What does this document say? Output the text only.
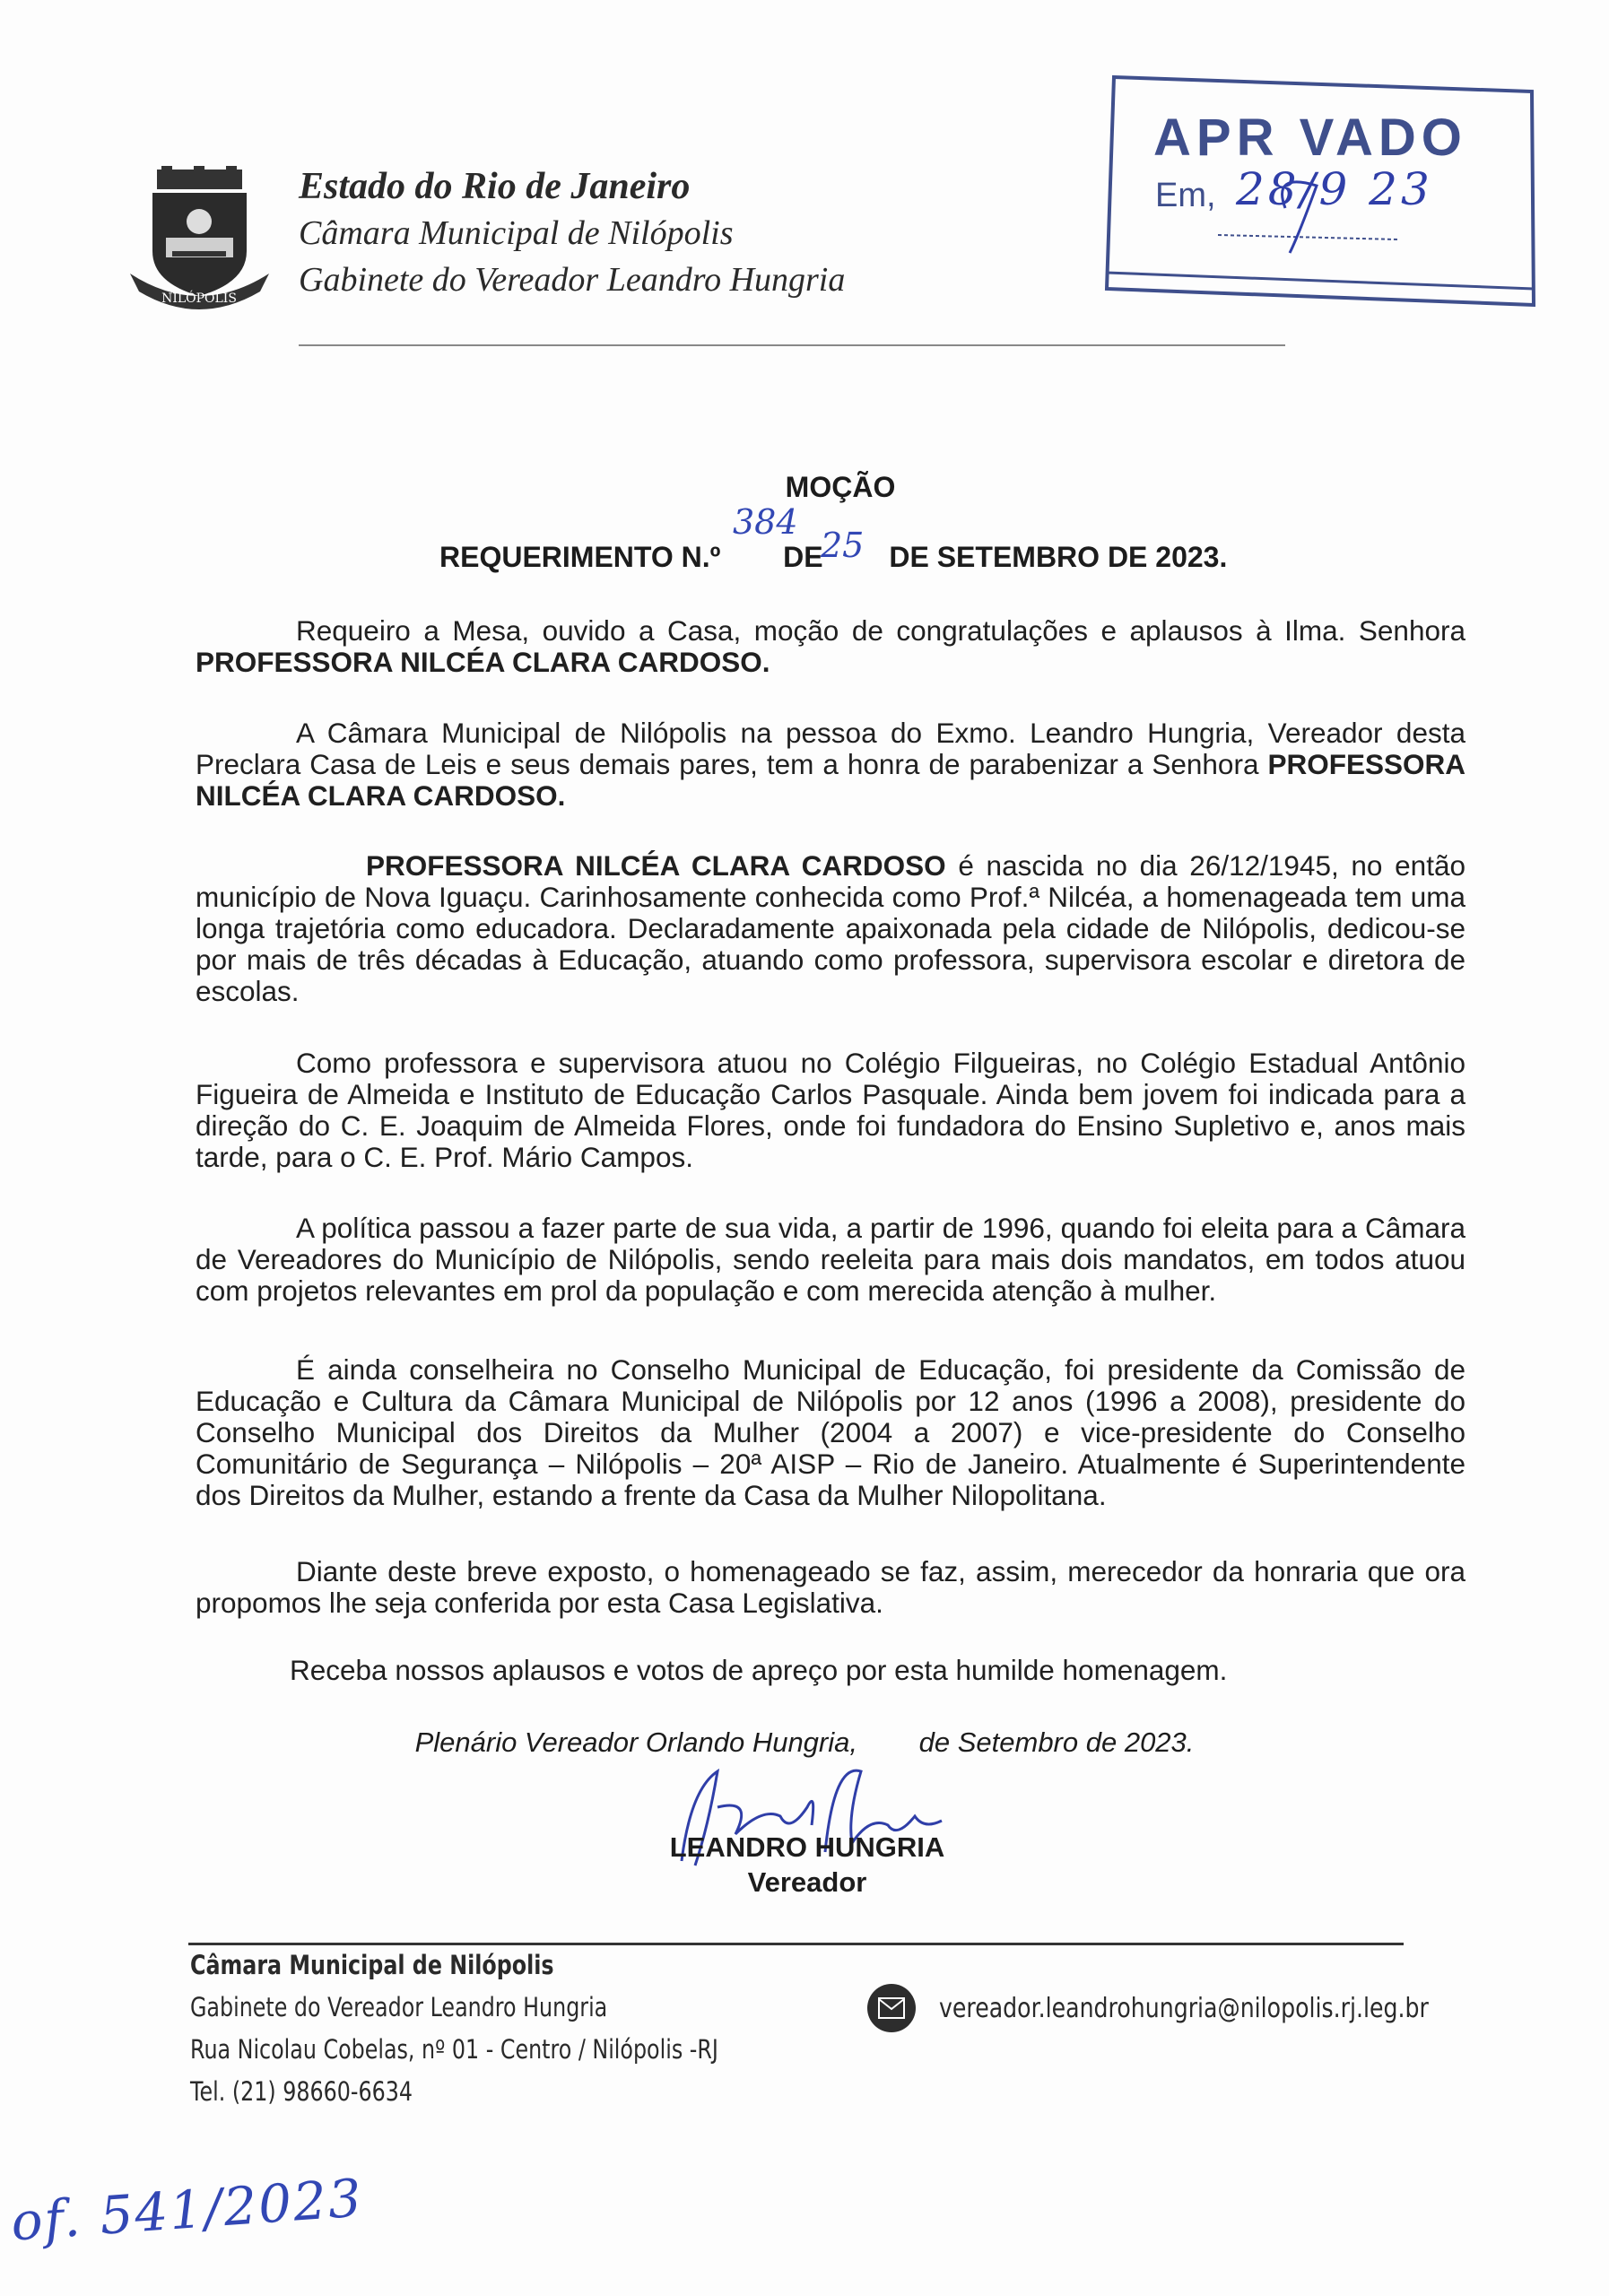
NILÓPOLIS
Estado do Rio de Janeiro
Câmara Municipal de Nilópolis
Gabinete do Vereador Leandro Hungria
APR VADO
Em, 28/9 23
MOÇÃO
REQUERIMENTO N.º DE DE SETEMBRO DE 2023.
384
25
Requeiro a Mesa, ouvido a Casa, moção de congratulações e aplausos à Ilma. Senhora PROFESSORA NILCÉA CLARA CARDOSO.
A Câmara Municipal de Nilópolis na pessoa do Exmo. Leandro Hungria, Vereador desta Preclara Casa de Leis e seus demais pares, tem a honra de parabenizar a Senhora PROFESSORA NILCÉA CLARA CARDOSO.
PROFESSORA NILCÉA CLARA CARDOSO é nascida no dia 26/12/1945, no então município de Nova Iguaçu. Carinhosamente conhecida como Prof.ª Nilcéa, a homenageada tem uma longa trajetória como educadora. Declaradamente apaixonada pela cidade de Nilópolis, dedicou-se por mais de três décadas à Educação, atuando como professora, supervisora escolar e diretora de escolas.
Como professora e supervisora atuou no Colégio Filgueiras, no Colégio Estadual Antônio Figueira de Almeida e Instituto de Educação Carlos Pasquale. Ainda bem jovem foi indicada para a direção do C. E. Joaquim de Almeida Flores, onde foi fundadora do Ensino Supletivo e, anos mais tarde, para o C. E. Prof. Mário Campos.
A política passou a fazer parte de sua vida, a partir de 1996, quando foi eleita para a Câmara de Vereadores do Município de Nilópolis, sendo reeleita para mais dois mandatos, em todos atuou com projetos relevantes em prol da população e com merecida atenção à mulher.
É ainda conselheira no Conselho Municipal de Educação, foi presidente da Comissão de Educação e Cultura da Câmara Municipal de Nilópolis por 12 anos (1996 a 2008), presidente do Conselho Municipal dos Direitos da Mulher (2004 a 2007) e vice-presidente do Conselho Comunitário de Segurança – Nilópolis – 20ª AISP – Rio de Janeiro. Atualmente é Superintendente dos Direitos da Mulher, estando a frente da Casa da Mulher Nilopolitana.
Diante deste breve exposto, o homenageado se faz, assim, merecedor da honraria que ora propomos lhe seja conferida por esta Casa Legislativa.
Receba nossos aplausos e votos de apreço por esta humilde homenagem.
Plenário Vereador Orlando Hungria, de Setembro de 2023.
LEANDRO HUNGRIA
Vereador
Câmara Municipal de Nilópolis
Gabinete do Vereador Leandro Hungria
Rua Nicolau Cobelas, nº 01 - Centro / Nilópolis -RJ
Tel. (21) 98660-6634
vereador.leandrohungria@nilopolis.rj.leg.br
of. 541/2023
